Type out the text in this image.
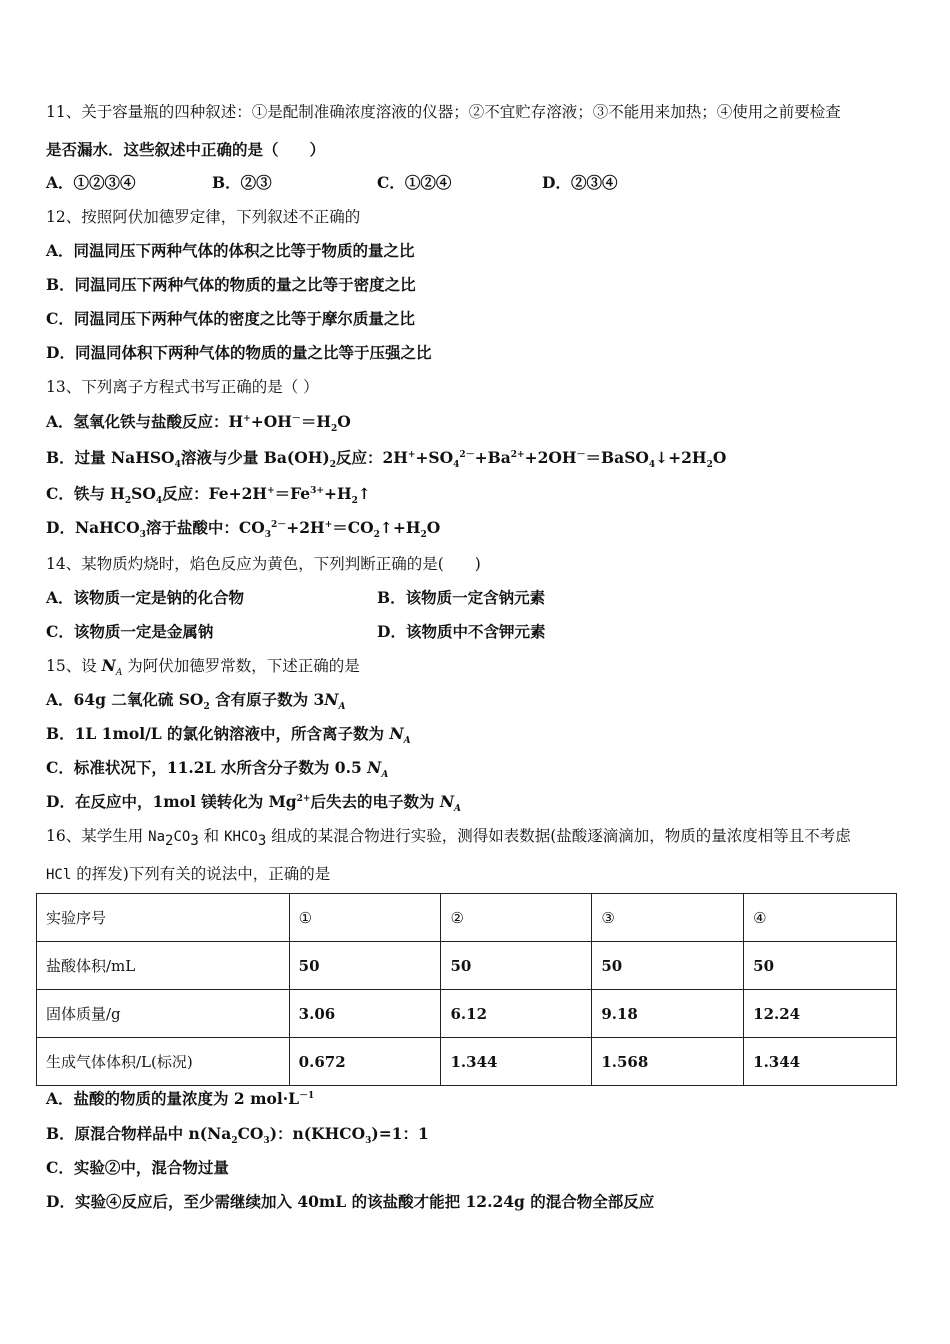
11、关于容量瓶的四种叙述：①是配制准确浓度溶液的仪器；②不宜贮存溶液；③不能用来加热；④使用之前要检查
是否漏水．这些叙述中正确的是（　　）
A．①②③④	B．②③	C．①②④	D．②③④
12、按照阿伏加德罗定律，下列叙述不正确的
A．同温同压下两种气体的体积之比等于物质的量之比
B．同温同压下两种气体的物质的量之比等于密度之比
C．同温同压下两种气体的密度之比等于摩尔质量之比
D．同温同体积下两种气体的物质的量之比等于压强之比
13、下列离子方程式书写正确的是（ ）
A．氢氧化铁与盐酸反应：$H^++OH^-=H_2O$
B．过量 NaHSO$_4$溶液与少量 $Ba(OH)_2$反应：$2H^++SO_4^{2-}+Ba^{2+}+2OH^-=BaSO_4↓+2H_2O$
C．铁与 $H_2SO_4$反应：$Fe+2H^+=Fe^{3+}+H_2↑$
D．NaHCO$_3$溶于盐酸中：$CO_3^{2-}+2H^+=CO_2↑+H_2O$
14、某物质灼烧时，焰色反应为黄色，下列判断正确的是(　　)
A．该物质一定是钠的化合物	B．该物质一定含钠元素
C．该物质一定是金属钠	D．该物质中不含钾元素
15、设 $N_A$ 为阿伏加德罗常数，下述正确的是
A．64g 二氧化硫 $SO_2$ 含有原子数为 $3N_A$
B．1L 1mol/L 的氯化钠溶液中，所含离子数为 $N_A$
C．标准状况下，11.2L 水所含分子数为 0.5 $N_A$
D．在反应中，1mol 镁转化为 $Mg^{2+}$后失去的电子数为 $N_A$
16、某学生用 $Na_2CO_3$ 和 $KHCO_3$ 组成的某混合物进行实验，测得如表数据(盐酸逐滴滴加，物质的量浓度相等且不考虑
HCl 的挥发)下列有关的说法中，正确的是
实验序号	①	②	③	④
盐酸体积/mL	50	50	50	50
固体质量/g	3.06	6.12	9.18	12.24
生成气体体积/L(标况)	0.672	1.344	1.568	1.344
A．盐酸的物质的量浓度为 2 $mol\cdot L^{-1}$
B．原混合物样品中 $n(Na_2CO_3)$：$n(KHCO_3)=1$：1
C．实验②中，混合物过量
D．实验④反应后，至少需继续加入 40mL 的该盐酸才能把 12.24g 的混合物全部反应
